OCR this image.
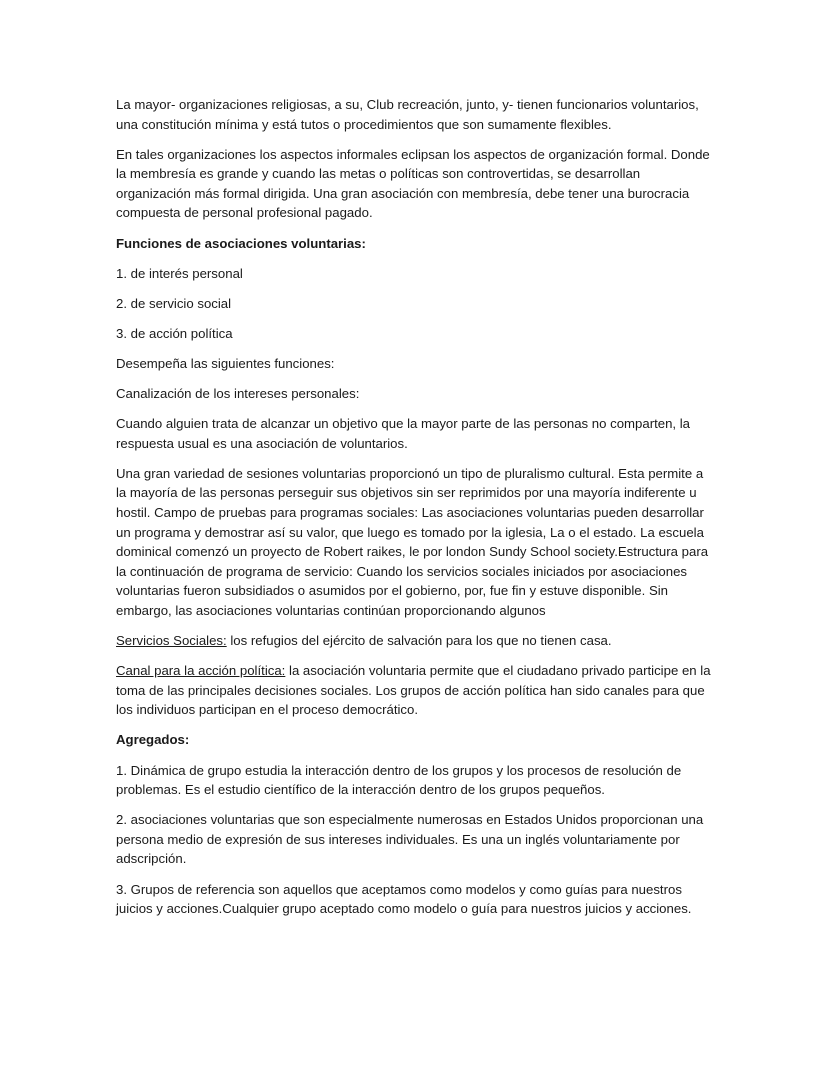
La mayor- organizaciones religiosas, a su, Club recreación, junto, y- tienen funcionarios voluntarios, una constitución mínima y está tutos o procedimientos que son sumamente flexibles.

En tales organizaciones los aspectos informales eclipsan los aspectos de organización formal. Donde la membresía es grande y cuando las metas o políticas son controvertidas, se desarrollan organización más formal dirigida. Una gran asociación con membresía, debe tener una burocracia compuesta de personal profesional pagado.

Funciones de asociaciones voluntarias:

1. de interés personal

2. de servicio social

3. de acción política

Desempeña las siguientes funciones:

Canalización de los intereses personales:

Cuando alguien trata de alcanzar un objetivo que la mayor parte de las personas no comparten, la respuesta usual es una asociación de voluntarios.

Una gran variedad de sesiones voluntarias proporcionó un tipo de pluralismo cultural. Esta permite a la mayoría de las personas perseguir sus objetivos sin ser reprimidos por una mayoría indiferente u hostil. Campo de pruebas para programas sociales: Las asociaciones voluntarias pueden desarrollar un programa y demostrar así su valor, que luego es tomado por la iglesia, La o el estado. La escuela dominical comenzó un proyecto de Robert raikes, le por london Sundy School society.Estructura para la continuación de programa de servicio: Cuando los servicios sociales iniciados por asociaciones voluntarias fueron subsidiados o asumidos por el gobierno, por, fue fin y estuve disponible. Sin embargo, las asociaciones voluntarias continúan proporcionando algunos

Servicios Sociales: los refugios del ejército de salvación para los que no tienen casa.

Canal para la acción política: la asociación voluntaria permite que el ciudadano privado participe en la toma de las principales decisiones sociales. Los grupos de acción política han sido canales para que los individuos participan en el proceso democrático.

Agregados:

1. Dinámica de grupo estudia la interacción dentro de los grupos y los procesos de resolución de problemas. Es el estudio científico de la interacción dentro de los grupos pequeños.

2. asociaciones voluntarias que son especialmente numerosas en Estados Unidos proporcionan una persona medio de expresión de sus intereses individuales. Es una un inglés voluntariamente por adscripción.

3. Grupos de referencia son aquellos que aceptamos como modelos y como guías para nuestros juicios y acciones.Cualquier grupo aceptado como modelo o guía para nuestros juicios y acciones.
